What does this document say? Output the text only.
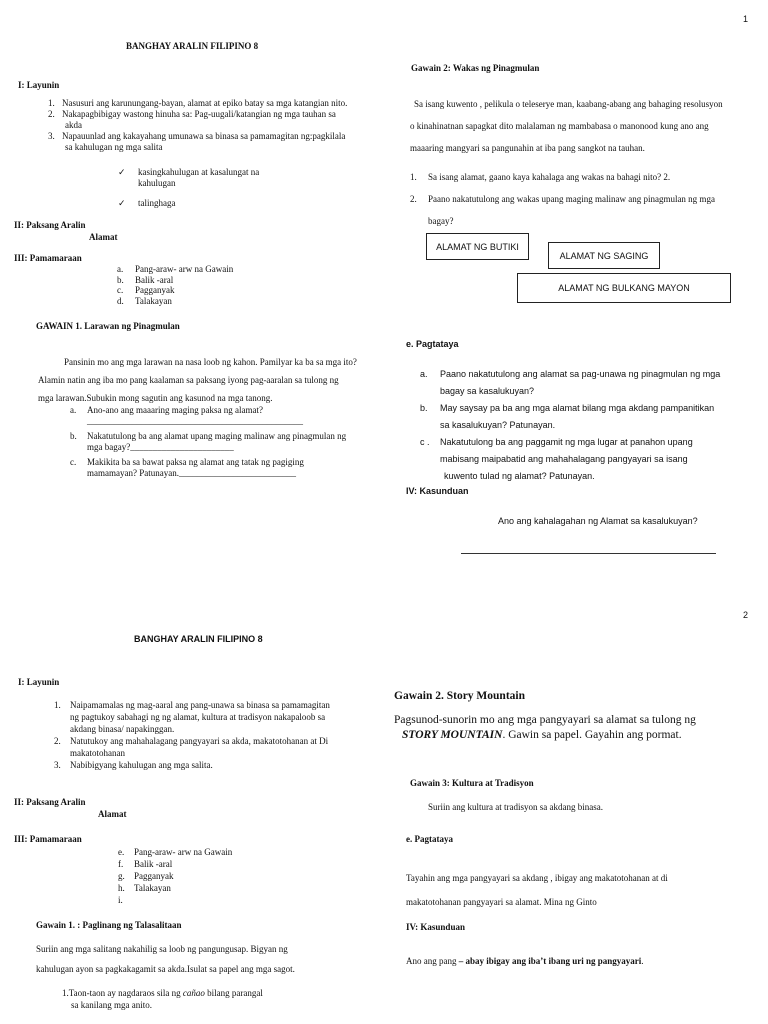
1
BANGHAY ARALIN FILIPINO 8
I: Layunin
1. Nasusuri ang karunungang-bayan, alamat at epiko batay sa mga katangian nito.
2. Nakapagbibigay wastong hinuha sa: Pag-uugali/katangian ng mga tauhan sa
akda
3. Napauunlad ang kakayahang umunawa sa binasa sa pamamagitan ng:pagkilala
sa kahulugan ng mga salita
✓ kasingkahulugan at kasalungat na
kahulugan
✓ talinghaga
II: Paksang Aralin
Alamat
III: Pamamaraan
a. Pang-araw- arw na Gawain
b. Balik -aral
c. Pagganyak
d. Talakayan
GAWAIN 1. Larawan ng Pinagmulan
Pansinin mo ang mga larawan na nasa loob ng kahon. Pamilyar ka ba sa mga ito?
Alamin natin ang iba mo pang kaalaman sa paksang iyong pag-aaralan sa tulong ng
mga larawan.Subukin mong sagutin ang kasunod na mga tanong.
a. Ano-ano ang maaaring maging paksa ng alamat?
________________________________________________
b. Nakatutulong ba ang alamat upang maging malinaw ang pinagmulan ng
mga bagay?_______________________
c. Makikita ba sa bawat paksa ng alamat ang tatak ng pagiging
mamamayan? Patunayan.__________________________
Gawain 2: Wakas ng Pinagmulan
Sa isang kuwento , pelikula o teleserye man, kaabang-abang ang bahaging resolusyon
o kinahinatnan sapagkat dito malalaman ng mambabasa o manonood kung ano ang
maaaring mangyari sa pangunahin at iba pang sangkot na tauhan.
1. Sa isang alamat, gaano kaya kahalaga ang wakas na bahagi nito? 2.
2. Paano nakatutulong ang wakas upang maging malinaw ang pinagmulan ng mga
bagay?
ALAMAT NG BUTIKI
ALAMAT NG SAGING
ALAMAT NG BULKANG MAYON
e. Pagtataya
a. Paano nakatutulong ang alamat sa pag-unawa ng pinagmulan ng mga
bagay sa kasalukuyan?
b. May saysay pa ba ang mga alamat bilang mga akdang pampanitikan
sa kasalukuyan? Patunayan.
c . Nakatutulong ba ang paggamit ng mga lugar at panahon upang
mabisang maipabatid ang mahahalagang pangyayari sa isang
kuwento tulad ng alamat? Patunayan.
IV: Kasunduan
Ano ang kahalagahan ng Alamat sa kasalukuyan?
2
BANGHAY ARALIN FILIPINO 8
I: Layunin
1. Naipamamalas ng mag-aaral ang pang-unawa sa binasa sa pamamagitan
ng pagtukoy sabahagi ng ng alamat, kultura at tradisyon nakapaloob sa
akdang binasa/ napakinggan.
2. Natutukoy ang mahahalagang pangyayari sa akda, makatotohanan at Di
makatotohanan
3. Nabibigyang kahulugan ang mga salita.
II: Paksang Aralin
Alamat
III: Pamamaraan
e. Pang-araw- arw na Gawain
f. Balik -aral
g. Pagganyak
h. Talakayan
i.
Gawain 1. : Paglinang ng Talasalitaan
Suriin ang mga salitang nakahilig sa loob ng pangungusap. Bigyan ng
kahulugan ayon sa pagkakagamit sa akda.Isulat sa papel ang mga sagot.
1.Taon-taon ay nagdaraos sila ng cañao bilang parangal
sa kanilang mga anito.
Gawain 2. Story Mountain
Pagsunod-sunorin mo ang mga pangyayari sa alamat sa tulong ng
STORY MOUNTAIN. Gawin sa papel. Gayahin ang pormat.
Gawain 3: Kultura at Tradisyon
Suriin ang kultura at tradisyon sa akdang binasa.
e. Pagtataya
Tayahin ang mga pangyayari sa akdang , ibigay ang makatotohanan at di
makatotohanan pangyayari sa alamat. Mina ng Ginto
IV: Kasunduan
Ano ang pang – abay ibigay ang iba’t ibang uri ng pangyayari.
